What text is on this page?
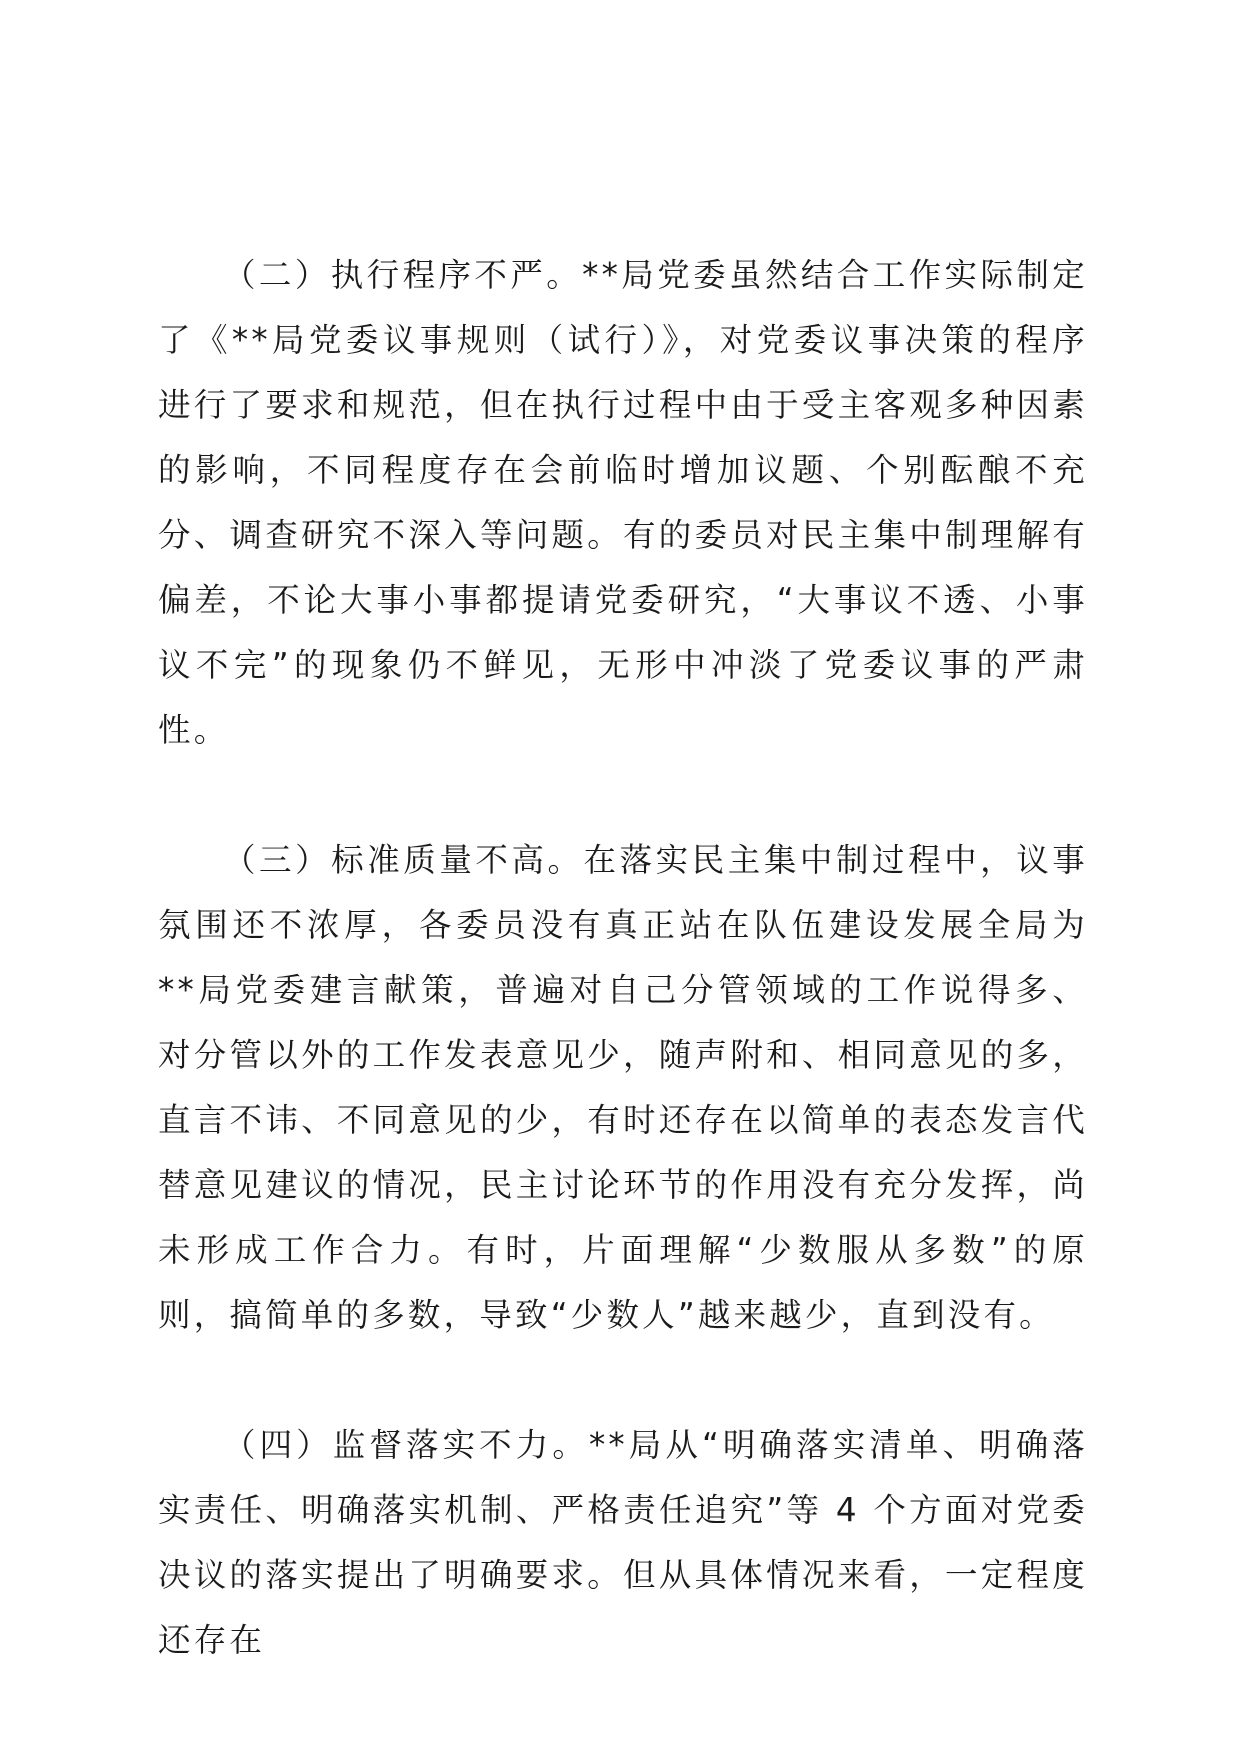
（二）执行程序不严。**局党委虽然结合工作实际制定了《**局党委议事规则（试行）》，对党委议事决策的程序进行了要求和规范，但在执行过程中由于受主客观多种因素的影响，不同程度存在会前临时增加议题、个别酝酿不充分、调查研究不深入等问题。有的委员对民主集中制理解有偏差，不论大事小事都提请党委研究，“大事议不透、小事议不完”的现象仍不鲜见，无形中冲淡了党委议事的严肃性。

（三）标准质量不高。在落实民主集中制过程中，议事氛围还不浓厚，各委员没有真正站在队伍建设发展全局为**局党委建言献策，普遍对自己分管领域的工作说得多、对分管以外的工作发表意见少，随声附和、相同意见的多，直言不讳、不同意见的少，有时还存在以简单的表态发言代替意见建议的情况，民主讨论环节的作用没有充分发挥，尚未形成工作合力。有时，片面理解“少数服从多数”的原则，搞简单的多数，导致“少数人”越来越少，直到没有。

（四）监督落实不力。**局从“明确落实清单、明确落实责任、明确落实机制、严格责任追究”等 4 个方面对党委决议的落实提出了明确要求。但从具体情况来看，一定程度还存在
